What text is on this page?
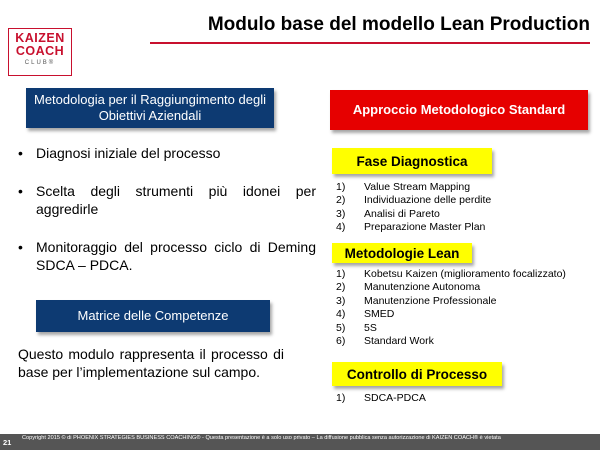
KAIZEN
COACH
CLUB®
Modulo base del modello Lean Production
Metodologia per il Raggiungimento degli Obiettivi Aziendali
• Diagnosi iniziale del processo
• Scelta degli strumenti più idonei per aggredirle
• Monitoraggio del processo ciclo di Deming SDCA – PDCA.
Matrice delle Competenze
Questo modulo rappresenta il processo di base per l’implementazione sul campo.
Approccio Metodologico Standard
Fase Diagnostica
1) Value Stream Mapping
2) Individuazione delle perdite
3) Analisi di Pareto
4) Preparazione Master Plan
Metodologie Lean
1) Kobetsu Kaizen (miglioramento focalizzato)
2) Manutenzione Autonoma
3) Manutenzione Professionale
4) SMED
5) 5S
6) Standard Work
Controllo di Processo
1) SDCA-PDCA
21 Copyright 2015 © di PHOENIX STRATEGIES BUSINESS COACHING® - Questa presentazione è a solo uso privato – La diffusione pubblica senza autorizzazione di KAIZEN COACH® è vietata
